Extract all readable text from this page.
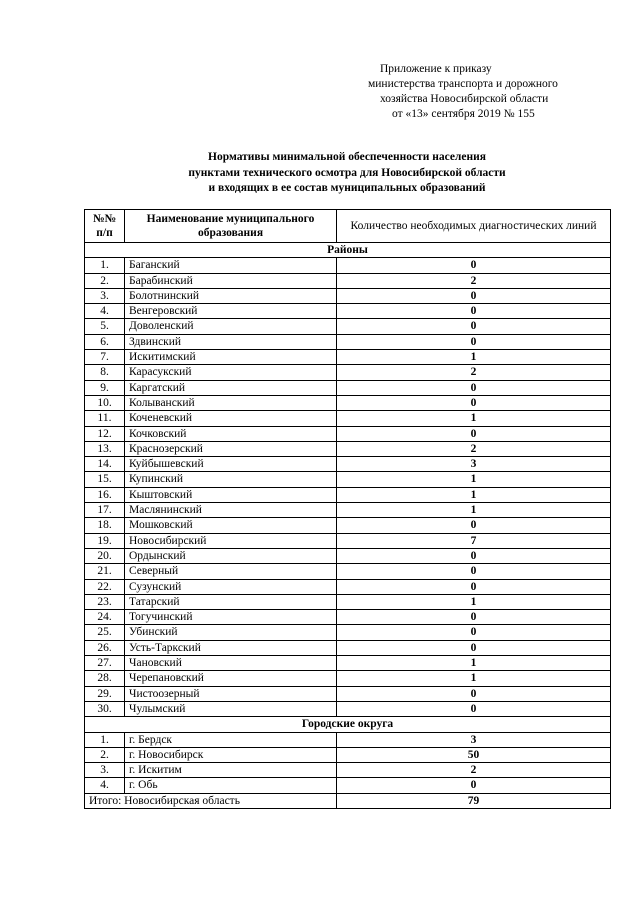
Приложение к приказу
министерства транспорта и дорожного
хозяйства Новосибирской области
от «13» сентября 2019 № 155
Нормативы минимальной обеспеченности населения
пунктами технического осмотра для Новосибирской области
и входящих в ее состав муниципальных образований
№№ п/п	Наименование муниципального образования	Количество необходимых диагностических линий
Районы		
1.	Баганский	0
2.	Барабинский	2
3.	Болотнинский	0
4.	Венгеровский	0
5.	Доволенский	0
6.	Здвинский	0
7.	Искитимский	1
8.	Карасукский	2
9.	Каргатский	0
10.	Колыванский	0
11.	Коченевский	1
12.	Кочковский	0
13.	Краснозерский	2
14.	Куйбышевский	3
15.	Купинский	1
16.	Кыштовский	1
17.	Маслянинский	1
18.	Мошковский	0
19.	Новосибирский	7
20.	Ордынский	0
21.	Северный	0
22.	Сузунский	0
23.	Татарский	1
24.	Тогучинский	0
25.	Убинский	0
26.	Усть-Таркский	0
27.	Чановский	1
28.	Черепановский	1
29.	Чистоозерный	0
30.	Чулымский	0
Городские округа		
1.	г. Бердск	3
2.	г. Новосибирск	50
3.	г. Искитим	2
4.	г. Обь	0
Итого: Новосибирская область		79
